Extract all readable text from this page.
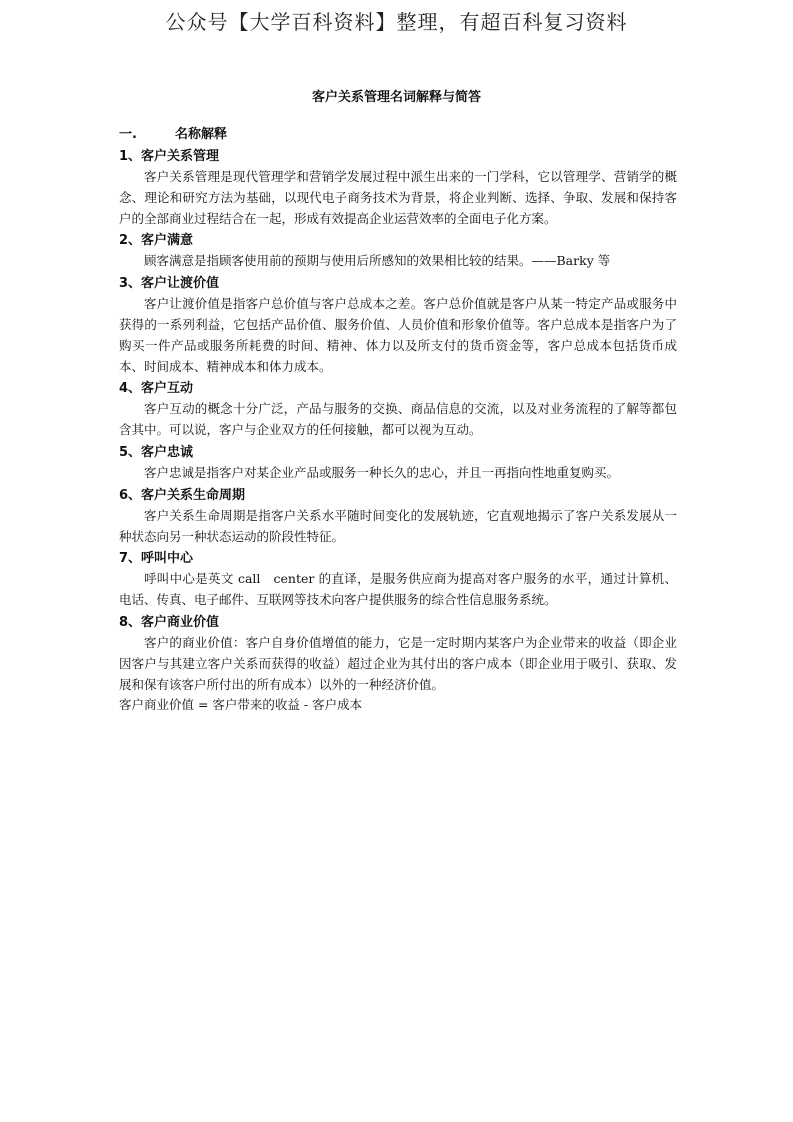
公众号【大学百科资料】整理，有超百科复习资料
客户关系管理名词解释与简答
一.	名称解释
1、客户关系管理

客户关系管理是现代管理学和营销学发展过程中派生出来的一门学科，它以管理学、营销学的概念、理论和研究方法为基础，以现代电子商务技术为背景，将企业判断、选择、争取、发展和保持客户的全部商业过程结合在一起，形成有效提高企业运营效率的全面电子化方案。

2、客户满意

顾客满意是指顾客使用前的预期与使用后所感知的效果相比较的结果。——Barky 等

3、客户让渡价值

客户让渡价值是指客户总价值与客户总成本之差。客户总价值就是客户从某一特定产品或服务中获得的一系列利益，它包括产品价值、服务价值、人员价值和形象价值等。客户总成本是指客户为了购买一件产品或服务所耗费的时间、精神、体力以及所支付的货币资金等，客户总成本包括货币成本、时间成本、精神成本和体力成本。

4、客户互动

客户互动的概念十分广泛，产品与服务的交换、商品信息的交流，以及对业务流程的了解等都包含其中。可以说，客户与企业双方的任何接触，都可以视为互动。

5、客户忠诚

客户忠诚是指客户对某企业产品或服务一种长久的忠心，并且一再指向性地重复购买。

6、客户关系生命周期

客户关系生命周期是指客户关系水平随时间变化的发展轨迹，它直观地揭示了客户关系发展从一种状态向另一种状态运动的阶段性特征。

7、呼叫中心

呼叫中心是英文 call　center 的直译，是服务供应商为提高对客户服务的水平，通过计算机、电话、传真、电子邮件、互联网等技术向客户提供服务的综合性信息服务系统。

8、客户商业价值

客户的商业价值：客户自身价值增值的能力，它是一定时期内某客户为企业带来的收益（即企业因客户与其建立客户关系而获得的收益）超过企业为其付出的客户成本（即企业用于吸引、获取、发展和保有该客户所付出的所有成本）以外的一种经济价值。

客户商业价值 = 客户带来的收益 - 客户成本
